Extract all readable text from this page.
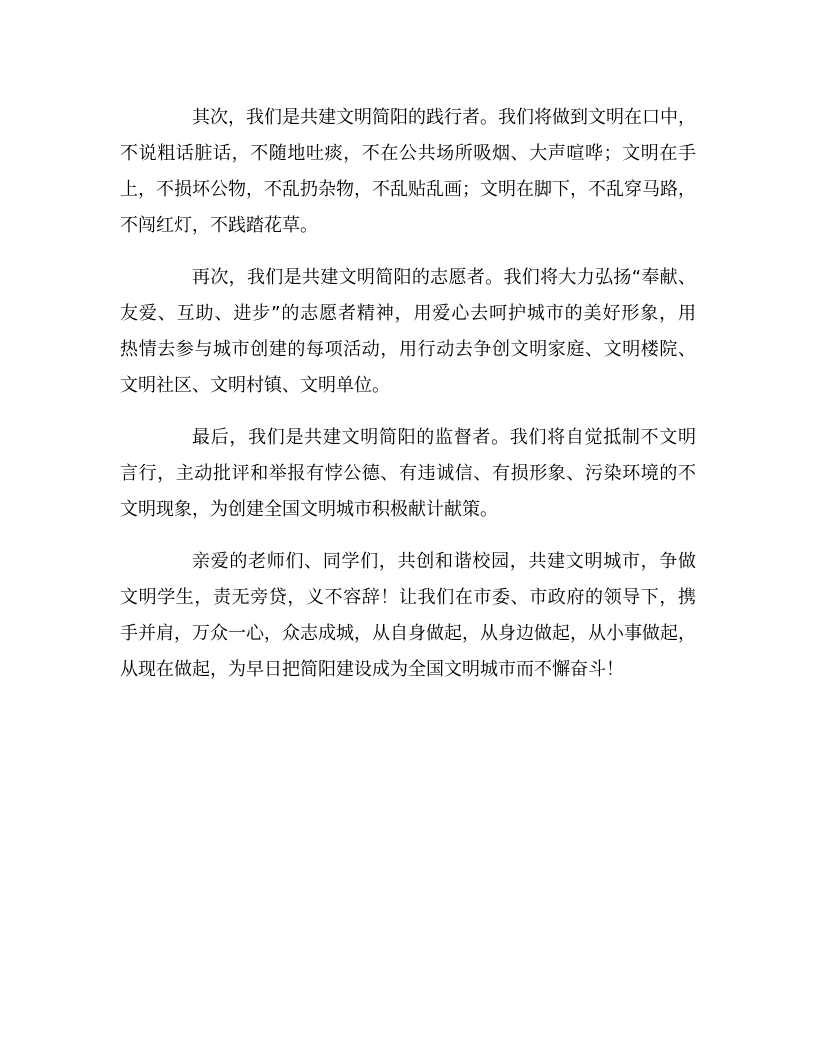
其次，我们是共建文明简阳的践行者。我们将做到文明在口中，
不说粗话脏话，不随地吐痰，不在公共场所吸烟、大声喧哗；文明在手
上，不损坏公物，不乱扔杂物，不乱贴乱画；文明在脚下，不乱穿马路，
不闯红灯，不践踏花草。
再次，我们是共建文明简阳的志愿者。我们将大力弘扬“奉献、
友爱、互助、进步”的志愿者精神，用爱心去呵护城市的美好形象，用
热情去参与城市创建的每项活动，用行动去争创文明家庭、文明楼院、
文明社区、文明村镇、文明单位。
最后，我们是共建文明简阳的监督者。我们将自觉抵制不文明
言行，主动批评和举报有悖公德、有违诚信、有损形象、污染环境的不
文明现象，为创建全国文明城市积极献计献策。
亲爱的老师们、同学们，共创和谐校园，共建文明城市，争做
文明学生，责无旁贷，义不容辞！让我们在市委、市政府的领导下，携
手并肩，万众一心，众志成城，从自身做起，从身边做起，从小事做起，
从现在做起，为早日把简阳建设成为全国文明城市而不懈奋斗！
